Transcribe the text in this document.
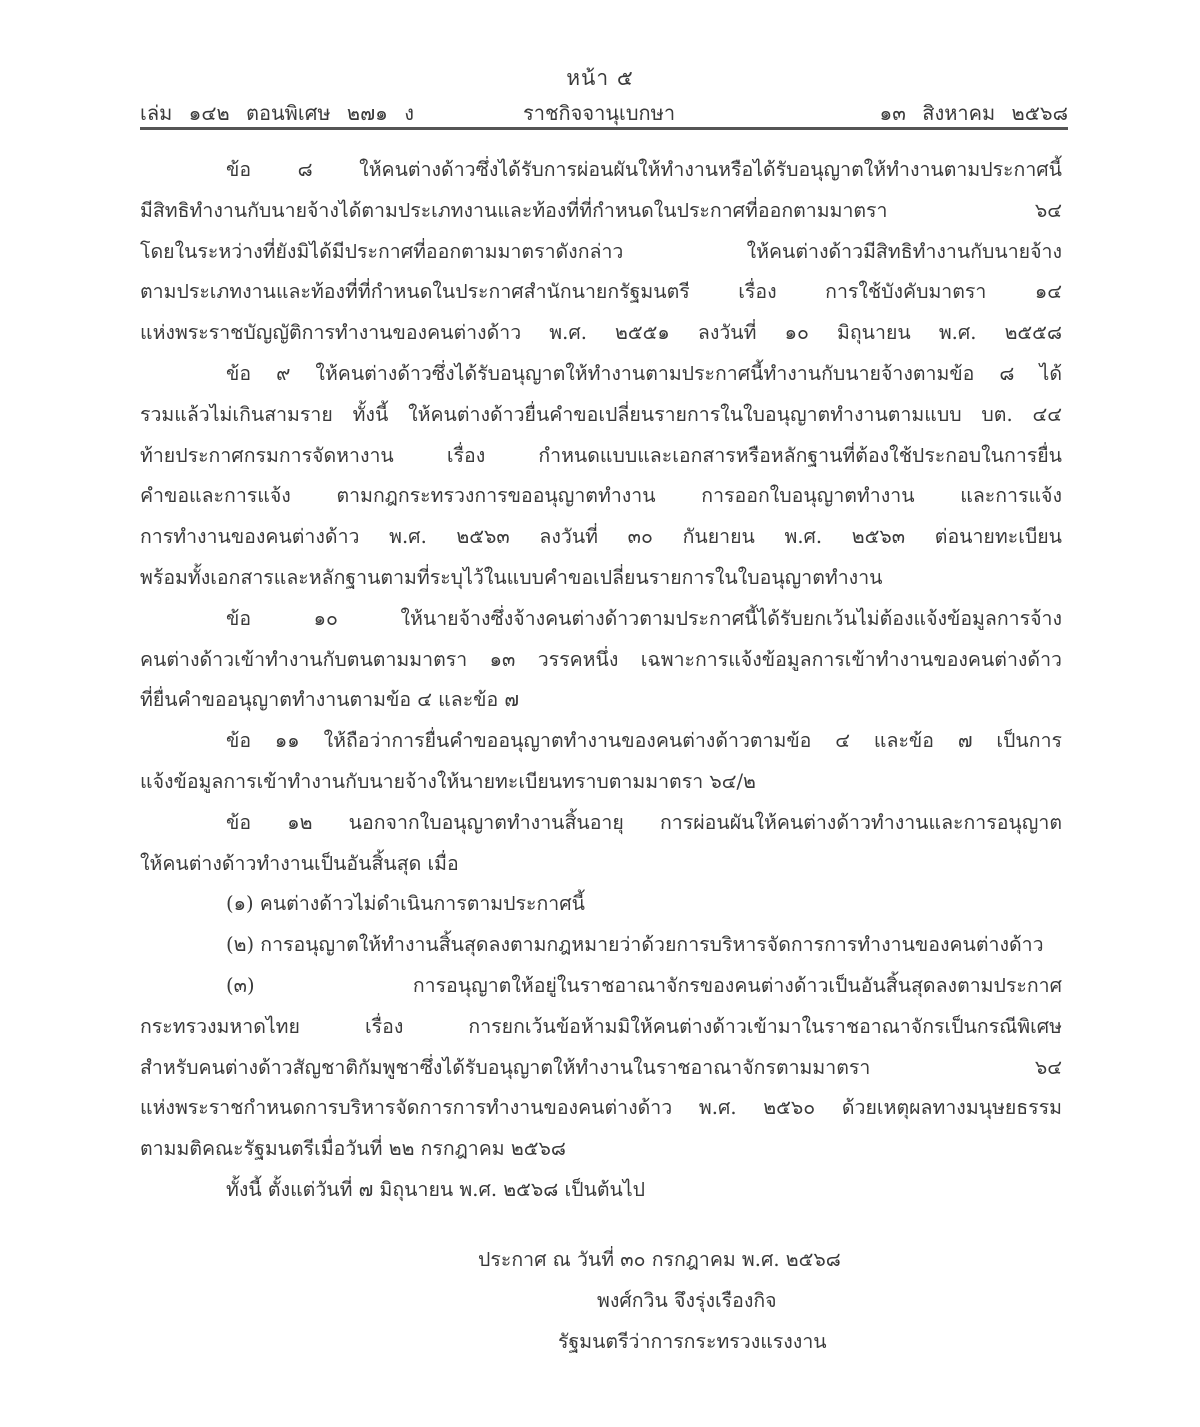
หน้า ๕
เล่ม ๑๔๒ ตอนพิเศษ ๒๗๑ ง	ราชกิจจานุเบกษา	๑๓ สิงหาคม ๒๕๖๘
ข้อ ๘ ให้คนต่างด้าวซึ่งได้รับการผ่อนผันให้ทำงานหรือได้รับอนุญาตให้ทำงานตามประกาศนี้
มีสิทธิทำงานกับนายจ้างได้ตามประเภทงานและท้องที่ที่กำหนดในประกาศที่ออกตามมาตรา ๖๔
โดยในระหว่างที่ยังมิได้มีประกาศที่ออกตามมาตราดังกล่าว ให้คนต่างด้าวมีสิทธิทำงานกับนายจ้าง
ตามประเภทงานและท้องที่ที่กำหนดในประกาศสำนักนายกรัฐมนตรี เรื่อง การใช้บังคับมาตรา ๑๔
แห่งพระราชบัญญัติการทำงานของคนต่างด้าว พ.ศ. ๒๕๕๑ ลงวันที่ ๑๐ มิถุนายน พ.ศ. ๒๕๕๘
ข้อ ๙ ให้คนต่างด้าวซึ่งได้รับอนุญาตให้ทำงานตามประกาศนี้ทำงานกับนายจ้างตามข้อ ๘ ได้
รวมแล้วไม่เกินสามราย ทั้งนี้ ให้คนต่างด้าวยื่นคำขอเปลี่ยนรายการในใบอนุญาตทำงานตามแบบ บต. ๔๔
ท้ายประกาศกรมการจัดหางาน เรื่อง กำหนดแบบและเอกสารหรือหลักฐานที่ต้องใช้ประกอบในการยื่น
คำขอและการแจ้ง ตามกฎกระทรวงการขออนุญาตทำงาน การออกใบอนุญาตทำงาน และการแจ้ง
การทำงานของคนต่างด้าว พ.ศ. ๒๕๖๓ ลงวันที่ ๓๐ กันยายน พ.ศ. ๒๕๖๓ ต่อนายทะเบียน
พร้อมทั้งเอกสารและหลักฐานตามที่ระบุไว้ในแบบคำขอเปลี่ยนรายการในใบอนุญาตทำงาน
ข้อ ๑๐ ให้นายจ้างซึ่งจ้างคนต่างด้าวตามประกาศนี้ได้รับยกเว้นไม่ต้องแจ้งข้อมูลการจ้าง
คนต่างด้าวเข้าทำงานกับตนตามมาตรา ๑๓ วรรคหนึ่ง เฉพาะการแจ้งข้อมูลการเข้าทำงานของคนต่างด้าว
ที่ยื่นคำขออนุญาตทำงานตามข้อ ๔ และข้อ ๗
ข้อ ๑๑ ให้ถือว่าการยื่นคำขออนุญาตทำงานของคนต่างด้าวตามข้อ ๔ และข้อ ๗ เป็นการ
แจ้งข้อมูลการเข้าทำงานกับนายจ้างให้นายทะเบียนทราบตามมาตรา ๖๔/๒
ข้อ ๑๒ นอกจากใบอนุญาตทำงานสิ้นอายุ การผ่อนผันให้คนต่างด้าวทำงานและการอนุญาต
ให้คนต่างด้าวทำงานเป็นอันสิ้นสุด เมื่อ
(๑) คนต่างด้าวไม่ดำเนินการตามประกาศนี้
(๒) การอนุญาตให้ทำงานสิ้นสุดลงตามกฎหมายว่าด้วยการบริหารจัดการการทำงานของคนต่างด้าว
(๓) การอนุญาตให้อยู่ในราชอาณาจักรของคนต่างด้าวเป็นอันสิ้นสุดลงตามประกาศ
กระทรวงมหาดไทย เรื่อง การยกเว้นข้อห้ามมิให้คนต่างด้าวเข้ามาในราชอาณาจักรเป็นกรณีพิเศษ
สำหรับคนต่างด้าวสัญชาติกัมพูชาซึ่งได้รับอนุญาตให้ทำงานในราชอาณาจักรตามมาตรา ๖๔
แห่งพระราชกำหนดการบริหารจัดการการทำงานของคนต่างด้าว พ.ศ. ๒๕๖๐ ด้วยเหตุผลทางมนุษยธรรม
ตามมติคณะรัฐมนตรีเมื่อวันที่ ๒๒ กรกฎาคม ๒๕๖๘
ทั้งนี้ ตั้งแต่วันที่ ๗ มิถุนายน พ.ศ. ๒๕๖๘ เป็นต้นไป
ประกาศ ณ วันที่ ๓๐ กรกฎาคม พ.ศ. ๒๕๖๘
พงศ์กวิน จึงรุ่งเรืองกิจ
รัฐมนตรีว่าการกระทรวงแรงงาน
